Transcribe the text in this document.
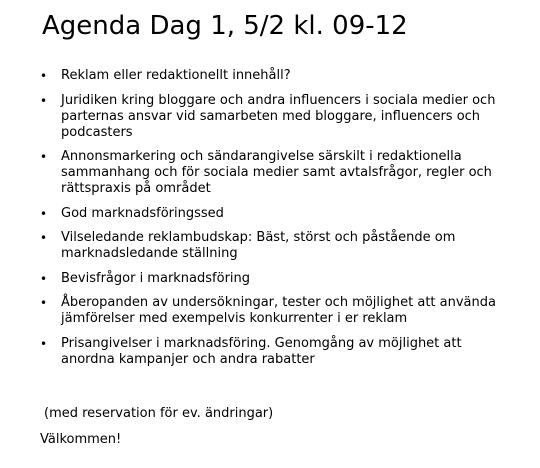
Agenda Dag 1, 5/2 kl. 09-12
• Reklam eller redaktionellt innehåll?
• Juridiken kring bloggare och andra influencers i sociala medier och
parternas ansvar vid samarbeten med bloggare, influencers och
podcasters
• Annonsmarkering och sändarangivelse särskilt i redaktionella
sammanhang och för sociala medier samt avtalsfrågor, regler och
rättspraxis på området
• God marknadsföringssed
• Vilseledande reklambudskap: Bäst, störst och påstående om
marknadsledande ställning
• Bevisfrågor i marknadsföring
• Åberopanden av undersökningar, tester och möjlighet att använda
jämförelser med exempelvis konkurrenter i er reklam
• Prisangivelser i marknadsföring. Genomgång av möjlighet att
anordna kampanjer och andra rabatter
(med reservation för ev. ändringar)
Välkommen!
